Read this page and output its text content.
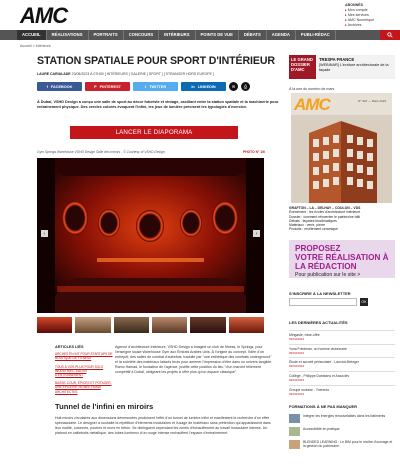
AMC	ABONNÉS
▸ Mon compte
▸ Mes services
▸ AMC Numérique
▸ Archives
ACCUEIL	RÉALISATIONS	PORTRAITS	CONCOURS	INTÉRIEURS	POINTS DE VUE	DÉBATS	AGENDA	PUBLI-RÉDAC
Accueil > Intérieurs
STATION SPATIALE POUR SPORT D'INTÉRIEUR
LAURE CARIALADE 23/08/2023 À 07H00 [ INTÉRIEURS ] GALERIE [ SPORT ] [ STRANGER HORS EUROPE ]
f FACEBOOK	P PINTEREST	t TWITTER	in LINKEDIN	✉ ⎙

À Dubaï, VSHD Design a conçu une salle de sport au décor futuriste et vintage, oscillant entre la station spatiale et la machinerie pour entraînement physique. Des cercles colorés évoquent l'infini, les jeux de lumière précisent les typologies d'exercice.

LANCER LE DIAPORAMA
Gym Springs Warehouse VSHD Design Salle des miroirs - © Courtesy of VSHD Design	PHOTO N° 1/6
‹	›
ARTICLES LIÉS
ARCHES EN INT POUR STARTUPS DE BOUTIQUE DE FITNESS
TOUS À VOS PLUS POUR SOLS INDUSTRIEL, SALON D'ENTRAÎNEMENT
BASSE-COUR, ÉPICES ET POTAGER, UNE ÉPICERIE SIGNÉE HUMA ARCHITECTES

Agence d'architecture intérieure, VSHD Design a imaginé un club de fitness, le Springs, pour l'enseigne locale Warehouse Gym aux Émirats Arabes Unis. À l'origine du concept, l'idée d'un entrepôt, des salles de combat d'autrefois, traduite par "une esthétique des combats underground" et la sobriété des matériaux laissés bruts pour amener l'impression d'être dans un univers tangible. Ramo Hamad, le fondateur de l'agence, justifie cette position du lieu "d'un marché tellement compétitif à Dubaï, obligeant les projets à offrir plus qu'un espace classique".

Tunnel de l'infini en miroirs

Huit miroirs circulaires aux dimensions démesurées produisent l'effet d'un tunnel de lumière infini et manifestent la recherche d'un effet spectaculaire. Le designer a souhaité la répétition d'éléments modulaires et l'usage de matériaux sans prétention qui apparaissent dans leur nudité, colonnes, poutres et murs en béton. Se distinguent cependant les zones d'échauffement au travail musculaire intense. Un plafond en caillebotis métallique, des tubes lumineux d'un rouge intense réchauffent l'espace d'entraînement.

LE GRAND DOSSIER D'AMC
TRESPA FRANCE
[WEBINAR] L'écriture architecturale de la façade
À la une du numéro de mars
AMC	N° 316 — Mars 2023
GRAFTON – LA – DELHAY – COULON – VDS
Événement : les écoles d'architecture intérieure
Dossier : comment réinventer le patrimoine bâti
Débats : façades bioclimatiques
Matériaux : verre, pierre
Produits : revêtement céramique
PROPOSEZ
VOTRE RÉALISATION À LA RÉDACTION
Pour publication sur le site >
S'INSCRIRE À LA NEWSLETTER
OK
LES DERNIÈRES ACTUALITÉS
Mingaste, mise-offre
09/03/2023
Yona Friedman, un homme visionnaire
09/03/2023
Étude et accueil périscolaire - Lanctot-Metzger
09/03/2023
Collège - Philippe Dambans et Associés
09/03/2023
Groupe scolaire - Yvenedo
09/03/2023
FORMATIONS À NE PAS MANQUER
Intégrer les énergies renouvelables dans les bâtiments
Accessibilité en pratique
BLENDED LEARNING : Le BIM pour le maître d'ouvrage et la gestion du patrimoine
